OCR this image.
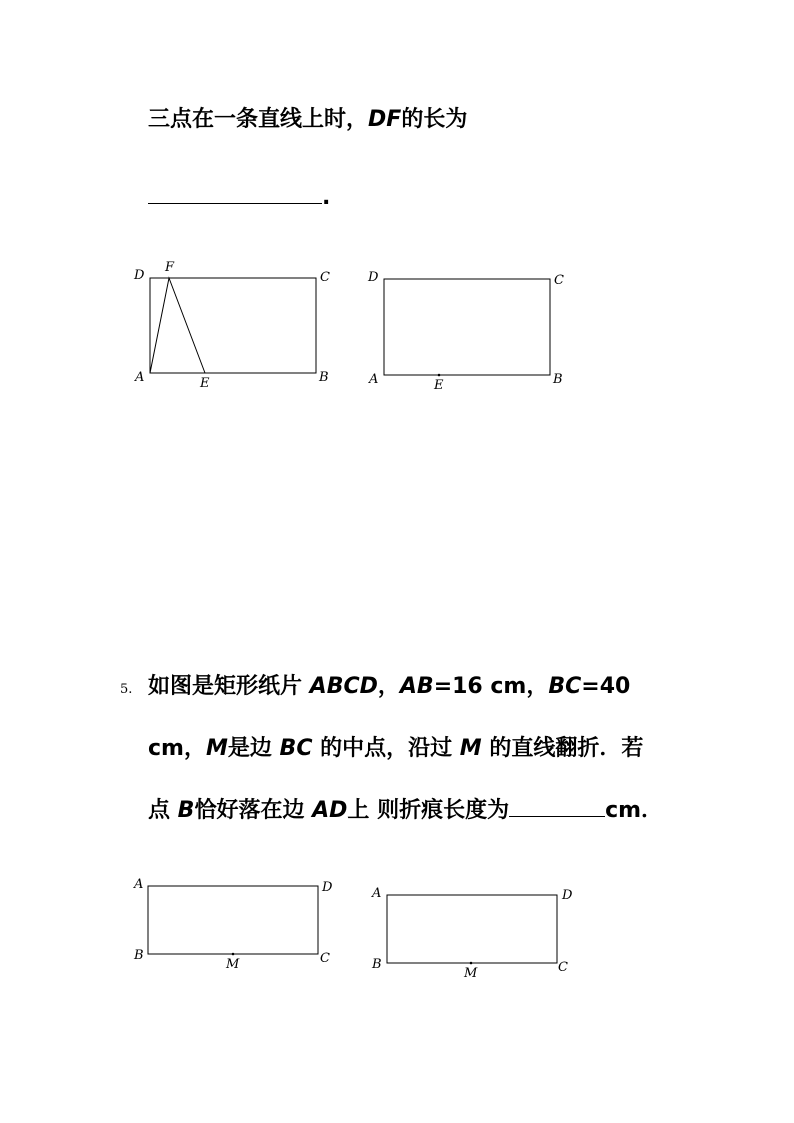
三点在一条直线上时，DF的长为
.
5. 如图是矩形纸片 ABCD，AB=16 cm，BC=40
cm，M是边 BC 的中点，沿过 M 的直线翻折．若
点 B恰好落在边 AD上 则折痕长度为	cm．
D
F
C
A	E	B
D	C
A	E	B
A	D
B
M	C
A	D
B
M	C
